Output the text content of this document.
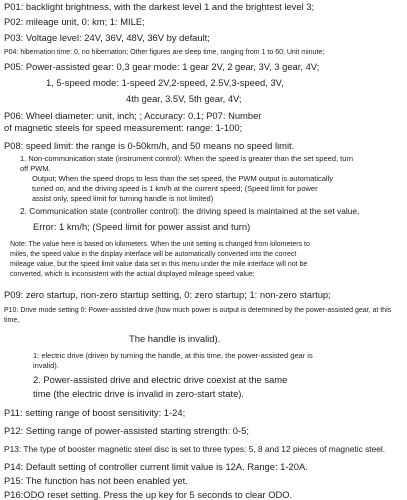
P01: backlight brightness, with the darkest level 1 and the brightest level 3;
P02: mileage unit, 0: km; 1: MILE;
P03: Voltage level: 24V, 36V, 48V, 36V by default;
P04: hibernation time: 0, no hibernation; Other figures are sleep time, ranging from 1 to 60; Unit minute;
P05: Power-assisted gear: 0,3 gear mode: 1 gear 2V, 2 gear, 3V, 3 gear, 4V;
1, 5-speed mode: 1-speed 2V,2-speed, 2.5V,3-speed, 3V,
4th gear, 3.5V, 5th gear, 4V;
P06: Wheel diameter: unit, inch; ; Accuracy: 0.1; P07: Number
of magnetic steels for speed measurement: range: 1-100;
P08: speed limit: the range is 0-50km/h, and 50 means no speed limit.
1. Non-communication state (instrument control): When the speed is greater than the set speed, turn
off PWM.
Output; When the speed drops to less than the set speed, the PWM output is automatically
turned on, and the driving speed is 1 km/h at the current speed; (Speed limit for power
assist only, speed limit for turning handle is not limited)
2. Communication state (controller control): the driving speed is maintained at the set value,
Error: 1 km/h; (Speed limit for power assist and turn)
Note: The value here is based on kilometers. When the unit setting is changed from kilometers to
miles, the speed value in the display interface will be automatically converted into the correct
mileage value, but the speed limit value data set in this menu under the mile interface will not be
converted, which is inconsistent with the actual displayed mileage speed value;
P09: zero startup, non-zero startup setting, 0: zero startup; 1: non-zero startup;
P10: Drive mode setting 0: Power-assisted drive (how much power is output is determined by the power-assisted gear, at this
time,
The handle is invalid).
1: electric drive (driven by turning the handle, at this time, the power-assisted gear is
invalid).
2. Power-assisted drive and electric drive coexist at the same
time (the electric drive is invalid in zero-start state).
P11: setting range of boost sensitivity: 1-24;
P12: Setting range of power-assisted starting strength: 0-5;
P13: The type of booster magnetic steel disc is set to three types: 5, 8 and 12 pieces of magnetic steel.
P14: Default setting of controller current limit value is 12A. Range: 1-20A.
P15: The function has not been enabled yet.
P16:ODO reset setting. Press the up key for 5 seconds to clear ODO.
